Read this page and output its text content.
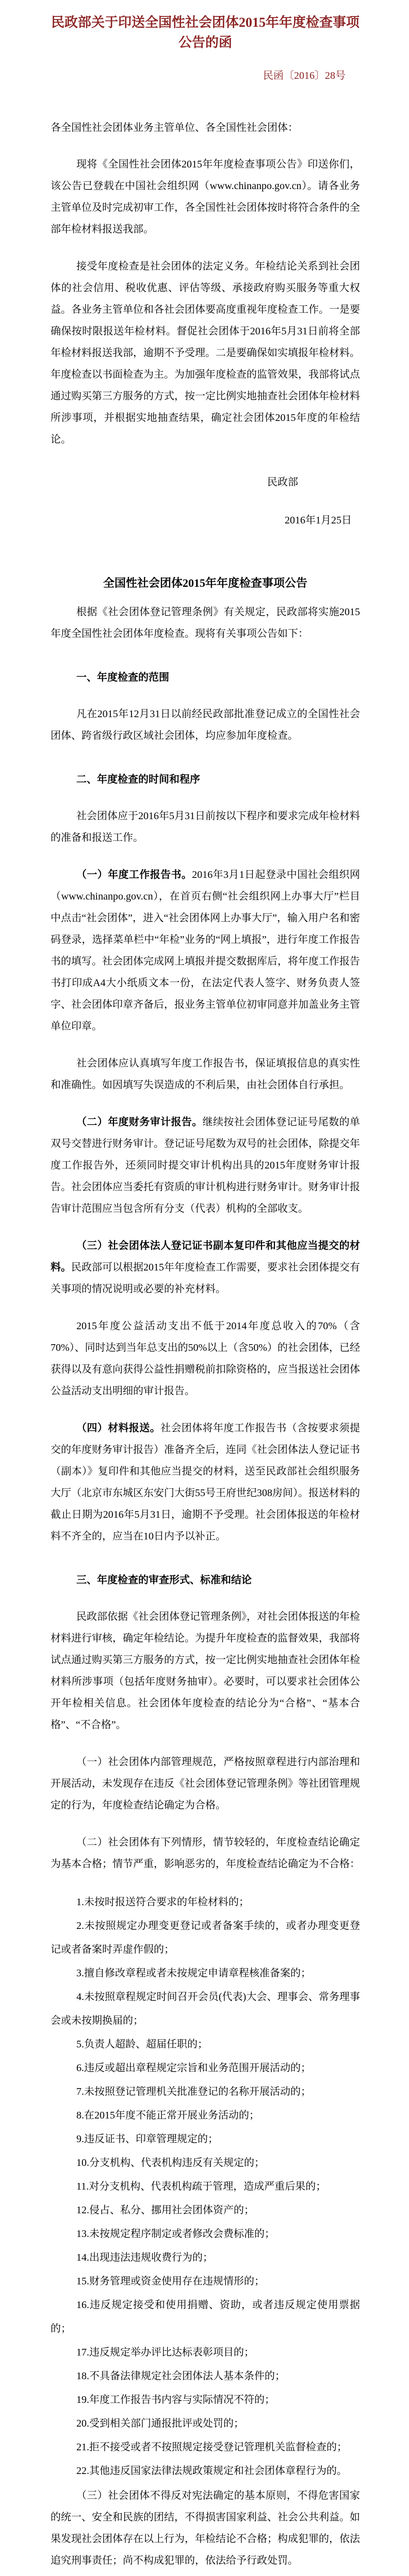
民政部关于印送全国性社会团体2015年年度检查事项公告的函
民函〔2016〕28号
各全国性社会团体业务主管单位、各全国性社会团体：

现将《全国性社会团体2015年年度检查事项公告》印送你们，该公告已登载在中国社会组织网（www.chinanpo.gov.cn）。请各业务主管单位及时完成初审工作，各全国性社会团体按时将符合条件的全部年检材料报送我部。

接受年度检查是社会团体的法定义务。年检结论关系到社会团体的社会信用、税收优惠、评估等级、承接政府购买服务等重大权益。各业务主管单位和各社会团体要高度重视年度检查工作。一是要确保按时限报送年检材料。督促社会团体于2016年5月31日前将全部年检材料报送我部，逾期不予受理。二是要确保如实填报年检材料。年度检查以书面检查为主。为加强年度检查的监管效果，我部将试点通过购买第三方服务的方式，按一定比例实地抽查社会团体年检材料所涉事项，并根据实地抽查结果，确定社会团体2015年度的年检结论。

民政部
2016年1月25日
全国性社会团体2015年年度检查事项公告

根据《社会团体登记管理条例》有关规定，民政部将实施2015年度全国性社会团体年度检查。现将有关事项公告如下：

一、年度检查的范围

凡在2015年12月31日以前经民政部批准登记成立的全国性社会团体、跨省级行政区域社会团体，均应参加年度检查。

二、年度检查的时间和程序

社会团体应于2016年5月31日前按以下程序和要求完成年检材料的准备和报送工作。

（一）年度工作报告书。2016年3月1日起登录中国社会组织网（www.chinanpo.gov.cn），在首页右侧“社会组织网上办事大厅”栏目中点击“社会团体”，进入“社会团体网上办事大厅”，输入用户名和密码登录，选择菜单栏中“年检”业务的“网上填报”，进行年度工作报告书的填写。社会团体完成网上填报并提交数据库后，将年度工作报告书打印成A4大小纸质文本一份，在法定代表人签字、财务负责人签字、社会团体印章齐备后，报业务主管单位初审同意并加盖业务主管单位印章。

社会团体应认真填写年度工作报告书，保证填报信息的真实性和准确性。如因填写失误造成的不利后果，由社会团体自行承担。

（二）年度财务审计报告。继续按社会团体登记证号尾数的单双号交替进行财务审计。登记证号尾数为双号的社会团体，除提交年度工作报告外，还须同时提交审计机构出具的2015年度财务审计报告。社会团体应当委托有资质的审计机构进行财务审计。财务审计报告审计范围应当包含所有分支（代表）机构的全部收支。

（三）社会团体法人登记证书副本复印件和其他应当提交的材料。民政部可以根据2015年年度检查工作需要，要求社会团体提交有关事项的情况说明或必要的补充材料。

2015年度公益活动支出不低于2014年度总收入的70%（含70%）、同时达到当年总支出的50%以上（含50%）的社会团体，已经获得以及有意向获得公益性捐赠税前扣除资格的，应当报送社会团体公益活动支出明细的审计报告。

（四）材料报送。社会团体将年度工作报告书（含按要求须提交的年度财务审计报告）准备齐全后，连同《社会团体法人登记证书（副本）》复印件和其他应当提交的材料，送至民政部社会组织服务大厅（北京市东城区东安门大街55号王府世纪308房间）。报送材料的截止日期为2016年5月31日，逾期不予受理。社会团体报送的年检材料不齐全的，应当在10日内予以补正。

三、年度检查的审查形式、标准和结论

民政部依据《社会团体登记管理条例》，对社会团体报送的年检材料进行审核，确定年检结论。为提升年度检查的监督效果，我部将试点通过购买第三方服务的方式，按一定比例实地抽查社会团体年检材料所涉事项（包括年度财务抽审）。必要时，可以要求社会团体公开年检相关信息。社会团体年度检查的结论分为“合格”、“基本合格”、“不合格”。

（一）社会团体内部管理规范，严格按照章程进行内部治理和开展活动，未发现存在违反《社会团体登记管理条例》等社团管理规定的行为，年度检查结论确定为合格。

（二）社会团体有下列情形，情节较轻的，年度检查结论确定为基本合格；情节严重，影响恶劣的，年度检查结论确定为不合格：

1.未按时报送符合要求的年检材料的；

2.未按照规定办理变更登记或者备案手续的，或者办理变更登记或者备案时弄虚作假的；

3.擅自修改章程或者未按规定申请章程核准备案的；

4.未按照章程规定时间召开会员(代表)大会、理事会、常务理事会或未按期换届的；

5.负责人超龄、超届任职的；

6.违反或超出章程规定宗旨和业务范围开展活动的；

7.未按照登记管理机关批准登记的名称开展活动的；

8.在2015年度不能正常开展业务活动的；

9.违反证书、印章管理规定的；

10.分支机构、代表机构违反有关规定的；

11.对分支机构、代表机构疏于管理，造成严重后果的；

12.侵占、私分、挪用社会团体资产的；

13.未按规定程序制定或者修改会费标准的；

14.出现违法违规收费行为的；

15.财务管理或资金使用存在违规情形的；

16.违反规定接受和使用捐赠、资助，或者违反规定使用票据的；

17.违反规定举办评比达标表彰项目的；

18.不具备法律规定社会团体法人基本条件的；

19.年度工作报告书内容与实际情况不符的；

20.受到相关部门通报批评或处罚的；

21.拒不接受或者不按照规定接受登记管理机关监督检查的；

22.其他违反国家法律法规政策规定和社会团体章程行为的。

（三）社会团体不得反对宪法确定的基本原则，不得危害国家的统一、安全和民族的团结，不得损害国家利益、社会公共利益。如果发现社会团体存在以上行为，年检结论不合格；构成犯罪的，依法追究刑事责任；尚不构成犯罪的，依法给予行政处罚。
